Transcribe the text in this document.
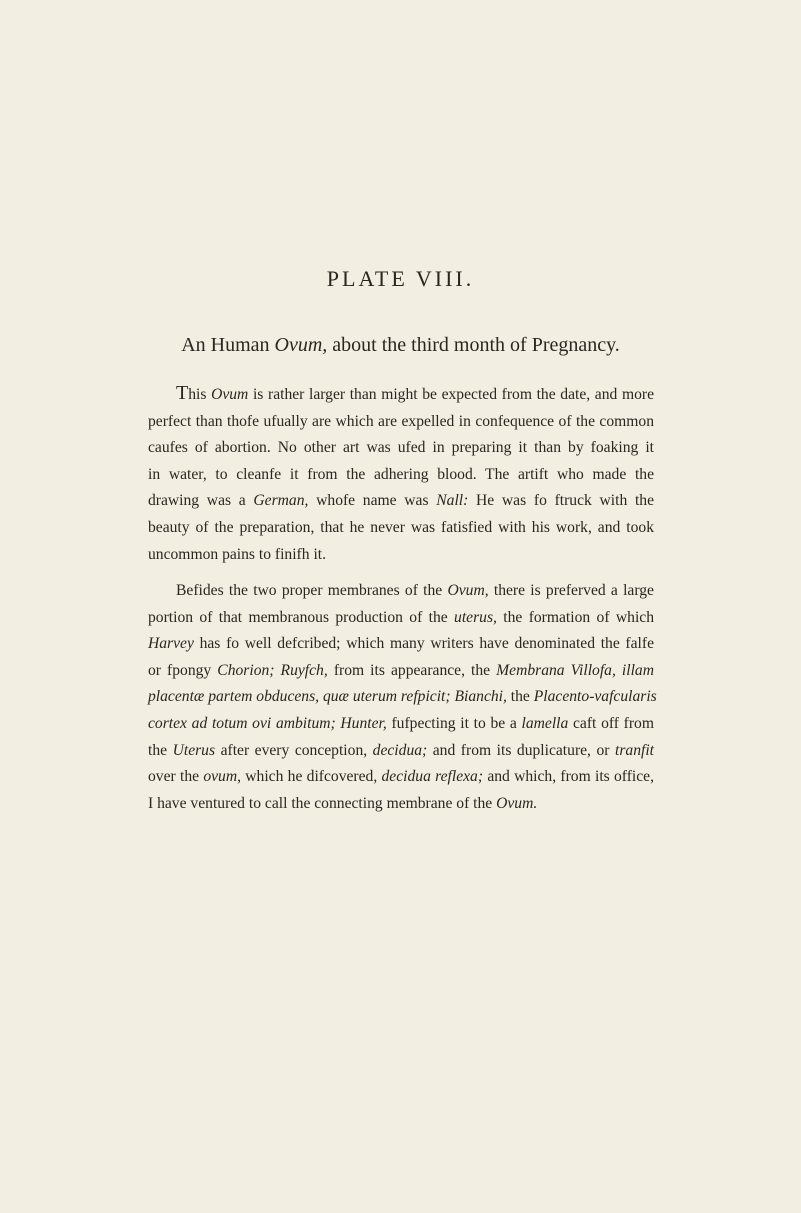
PLATE VIII.
An Human Ovum, about the third month of Pregnancy.
This Ovum is rather larger than might be expected from the date, and more
perfect than thofe ufually are which are expelled in confequence of the common
caufes of abortion. No other art was ufed in preparing it than by foaking it
in water, to cleanfe it from the adhering blood. The artift who made the
drawing was a German, whofe name was Nall: He was fo ftruck with the
beauty of the preparation, that he never was fatisfied with his work, and took
uncommon pains to finifh it.
Befides the two proper membranes of the Ovum, there is preferved a large
portion of that membranous production of the uterus, the formation of which
Harvey has fo well defcribed; which many writers have denominated the falfe
or fpongy Chorion; Ruyfch, from its appearance, the Membrana Villofa, illam
placentæ partem obducens, quæ uterum refpicit; Bianchi, the Placento-vafcularis
cortex ad totum ovi ambitum; Hunter, fufpecting it to be a lamella caft off from
the Uterus after every conception, decidua; and from its duplicature, or tranfit
over the ovum, which he difcovered, decidua reflexa; and which, from its office,
I have ventured to call the connecting membrane of the Ovum.
